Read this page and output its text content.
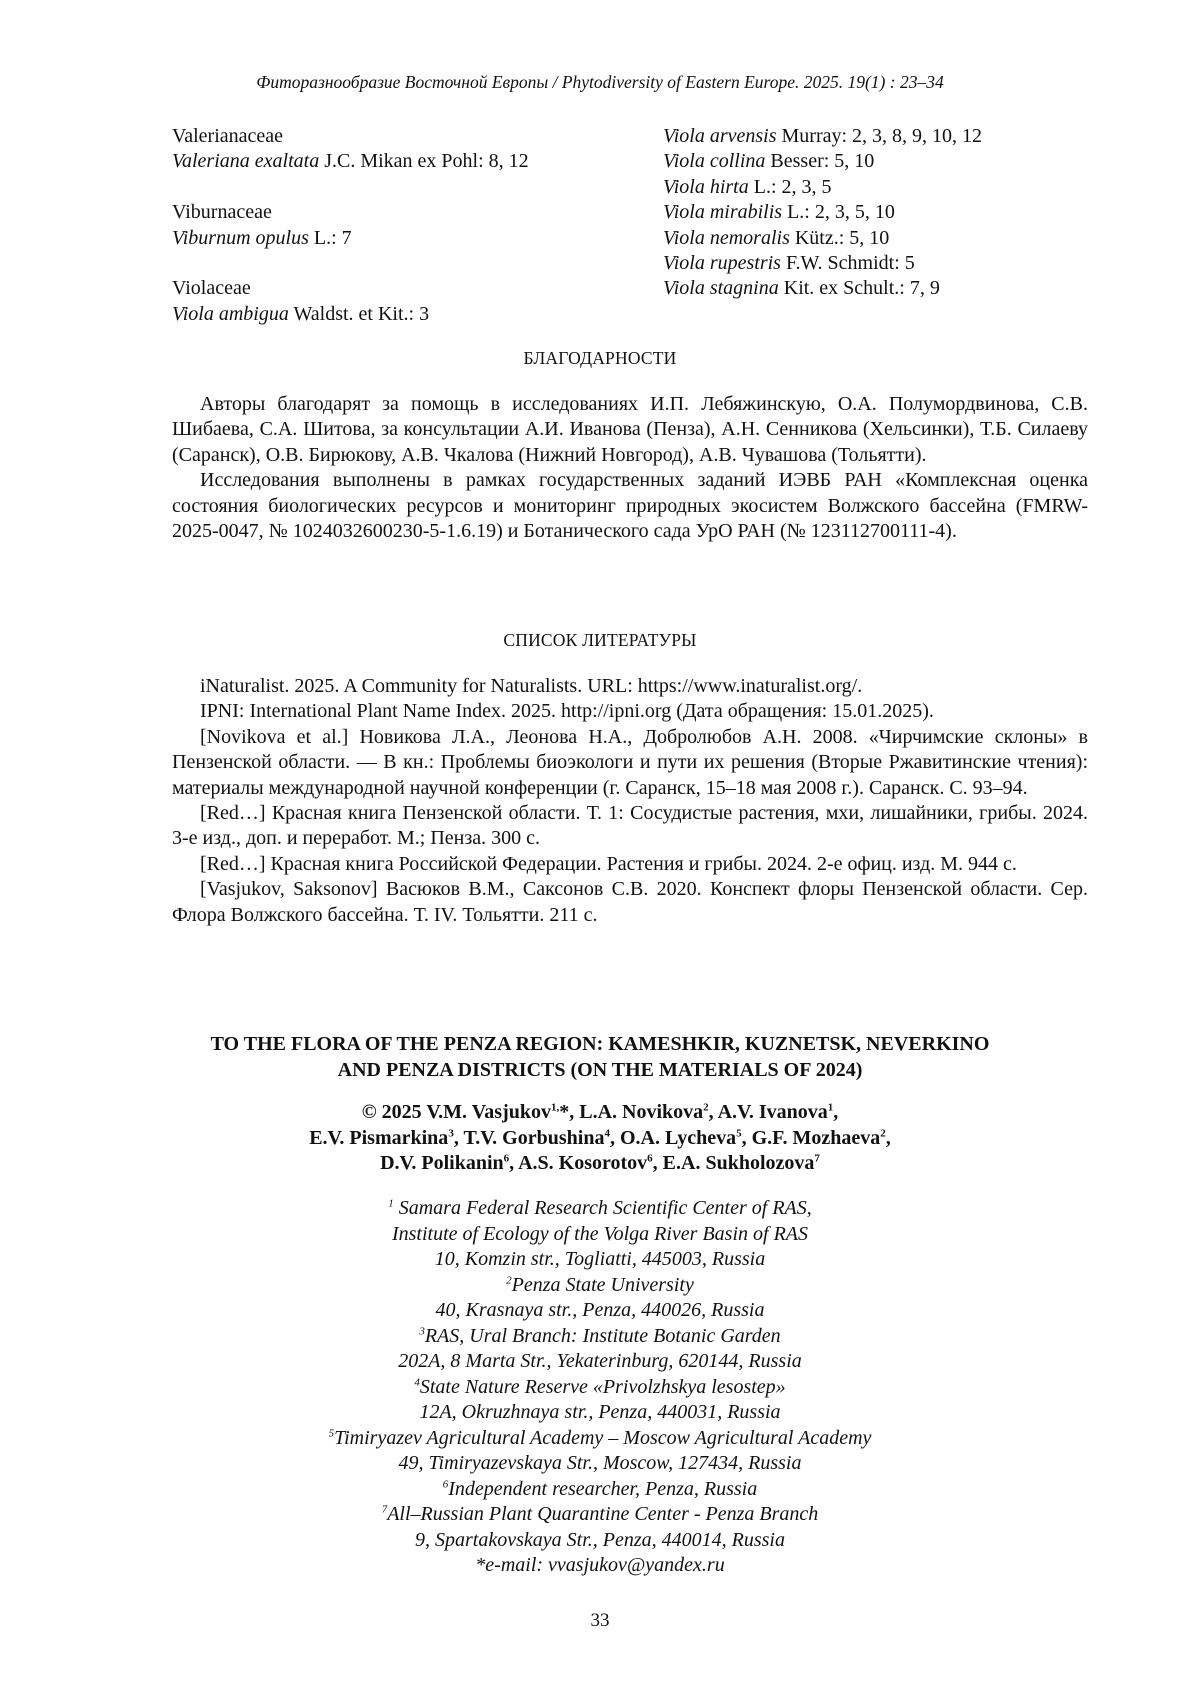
Фиторазнообразие Восточной Европы / Phytodiversity of Eastern Europe. 2025. 19(1) : 23–34
Valerianaceae
Valeriana exaltata J.C. Mikan ex Pohl: 8, 12
Viburnaceae
Viburnum opulus L.: 7
Violaceae
Viola ambigua Waldst. et Kit.: 3
Viola arvensis Murray: 2, 3, 8, 9, 10, 12
Viola collina Besser: 5, 10
Viola hirta L.: 2, 3, 5
Viola mirabilis L.: 2, 3, 5, 10
Viola nemoralis Kütz.: 5, 10
Viola rupestris F.W. Schmidt: 5
Viola stagnina Kit. ex Schult.: 7, 9
БЛАГОДАРНОСТИ

Авторы благодарят за помощь в исследованиях И.П. Лебяжинскую, О.А. Полумордвинова, С.В. Шибаева, С.А. Шитова, за консультации А.И. Иванова (Пенза), А.Н. Сенникова (Хельсинки), Т.Б. Силаеву (Саранск), О.В. Бирюкову, А.В. Чкалова (Нижний Новгород), А.В. Чувашова (Тольятти).

Исследования выполнены в рамках государственных заданий ИЭВБ РАН «Комплексная оценка состояния биологических ресурсов и мониторинг природных экосистем Волжского бассейна (FMRW-2025-0047, № 1024032600230-5-1.6.19) и Ботанического сада УрО РАН (№ 123112700111-4).

СПИСОК ЛИТЕРАТУРЫ

iNaturalist. 2025. A Community for Naturalists. URL: https://www.inaturalist.org/.

IPNI: International Plant Name Index. 2025. http://ipni.org (Дата обращения: 15.01.2025).

[Novikova et al.] Новикова Л.А., Леонова Н.А., Добролюбов А.Н. 2008. «Чирчимские склоны» в Пензенской области. — В кн.: Проблемы биоэкологи и пути их решения (Вторые Ржавитинские чтения): материалы международной научной конференции (г. Саранск, 15–18 мая 2008 г.). Саранск. С. 93–94.

[Red…] Красная книга Пензенской области. Т. 1: Сосудистые растения, мхи, лишайники, грибы. 2024. 3-е изд., доп. и переработ. М.; Пенза. 300 с.

[Red…] Красная книга Российской Федерации. Растения и грибы. 2024. 2-е офиц. изд. М. 944 с.

[Vasjukov, Saksonov] Васюков В.М., Саксонов С.В. 2020. Конспект флоры Пензенской области. Сер. Флора Волжского бассейна. Т. IV. Тольятти. 211 с.

TO THE FLORA OF THE PENZA REGION: KAMESHKIR, KUZNETSK, NEVERKINO
AND PENZA DISTRICTS (ON THE MATERIALS OF 2024)
© 2025 V.M. Vasjukov1,*, L.A. Novikova2, A.V. Ivanova1,
E.V. Pismarkina3, T.V. Gorbushina4, O.A. Lycheva5, G.F. Mozhaeva2,
D.V. Polikanin6, A.S. Kosorotov6, E.A. Sukholozova7
1 Samara Federal Research Scientific Center of RAS,
Institute of Ecology of the Volga River Basin of RAS
10, Komzin str., Togliatti, 445003, Russia
2Penza State University
40, Krasnaya str., Penza, 440026, Russia
3RAS, Ural Branch: Institute Botanic Garden
202A, 8 Marta Str., Yekaterinburg, 620144, Russia
4State Nature Reserve «Privolzhskya lesostep»
12A, Okruzhnaya str., Penza, 440031, Russia
5Timiryazev Agricultural Academy – Moscow Agricultural Academy
49, Timiryazevskaya Str., Moscow, 127434, Russia
6Independent researcher, Penza, Russia
7All–Russian Plant Quarantine Center - Penza Branch
9, Spartakovskaya Str., Penza, 440014, Russia
*e-mail: vvasjukov@yandex.ru
33
